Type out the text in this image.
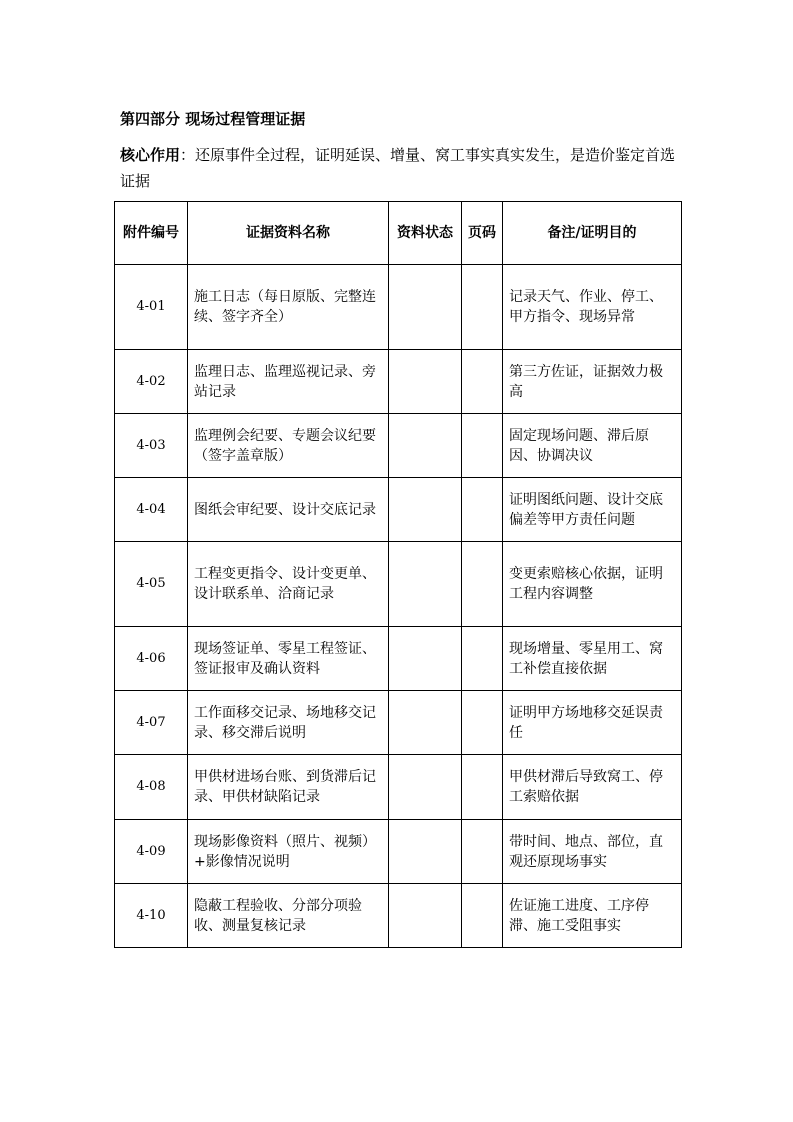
第四部分 现场过程管理证据
核心作用：还原事件全过程，证明延误、增量、窝工事实真实发生，是造价鉴定首选证据
附件编号	证据资料名称	资料状态	页码	备注/证明目的
4-01	施工日志（每日原版、完整连续、签字齐全）			记录天气、作业、停工、甲方指令、现场异常
4-02	监理日志、监理巡视记录、旁站记录			第三方佐证，证据效力极高
4-03	监理例会纪要、专题会议纪要（签字盖章版）			固定现场问题、滞后原因、协调决议
4-04	图纸会审纪要、设计交底记录			证明图纸问题、设计交底偏差等甲方责任问题
4-05	工程变更指令、设计变更单、设计联系单、洽商记录			变更索赔核心依据，证明工程内容调整
4-06	现场签证单、零星工程签证、签证报审及确认资料			现场增量、零星用工、窝工补偿直接依据
4-07	工作面移交记录、场地移交记录、移交滞后说明			证明甲方场地移交延误责任
4-08	甲供材进场台账、到货滞后记录、甲供材缺陷记录			甲供材滞后导致窝工、停工索赔依据
4-09	现场影像资料（照片、视频）+影像情况说明			带时间、地点、部位，直观还原现场事实
4-10	隐蔽工程验收、分部分项验收、测量复核记录			佐证施工进度、工序停滞、施工受阻事实
